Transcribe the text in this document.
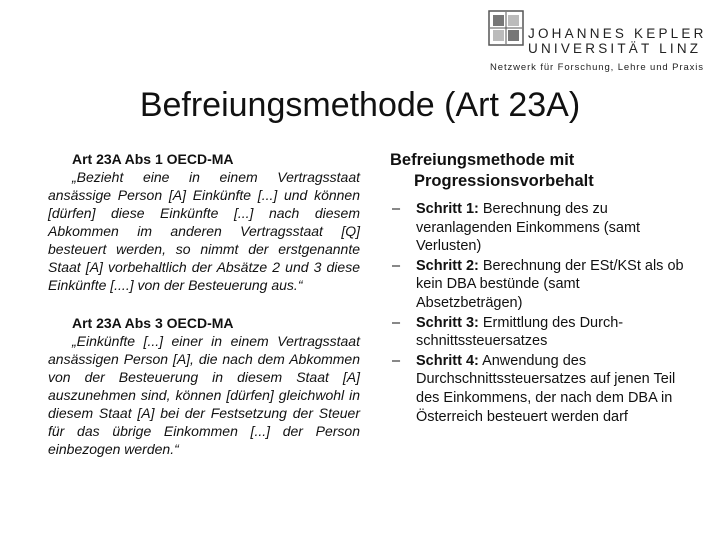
JOHANNES KEPLER
UNIVERSITÄT LINZ
Netzwerk für Forschung, Lehre und Praxis
Befreiungsmethode (Art 23A)
Art 23A Abs 1 OECD-MA
„Bezieht eine in einem Vertragsstaat ansässige Person [A] Einkünfte [...] und können [dürfen] diese Einkünfte [...] nach diesem Abkommen im anderen Vertragsstaat [Q] besteuert werden, so nimmt der erstgenannte Staat [A] vorbehaltlich der Absätze 2 und 3 diese Einkünfte [....] von der Besteuerung aus.“
Art 23A Abs 3 OECD-MA
„Einkünfte [...] einer in einem Vertragsstaat ansässigen Person [A], die nach dem Abkommen von der Besteuerung in diesem Staat [A] auszunehmen sind, können [dürfen] gleichwohl in diesem Staat [A] bei der Festsetzung der Steuer für das übrige Einkommen [...] der Person einbezogen werden.“
Befreiungsmethode mit Progressionsvorbehalt
– Schritt 1: Berechnung des zu veranlagenden Einkommens (samt Verlusten)
– Schritt 2: Berechnung der ESt/KSt als ob kein DBA bestünde (samt Absetzbeträgen)
– Schritt 3: Ermittlung des Durch-schnittssteuersatzes
– Schritt 4: Anwendung des Durchschnittssteuersatzes auf jenen Teil des Einkommens, der nach dem DBA in Österreich besteuert werden darf
